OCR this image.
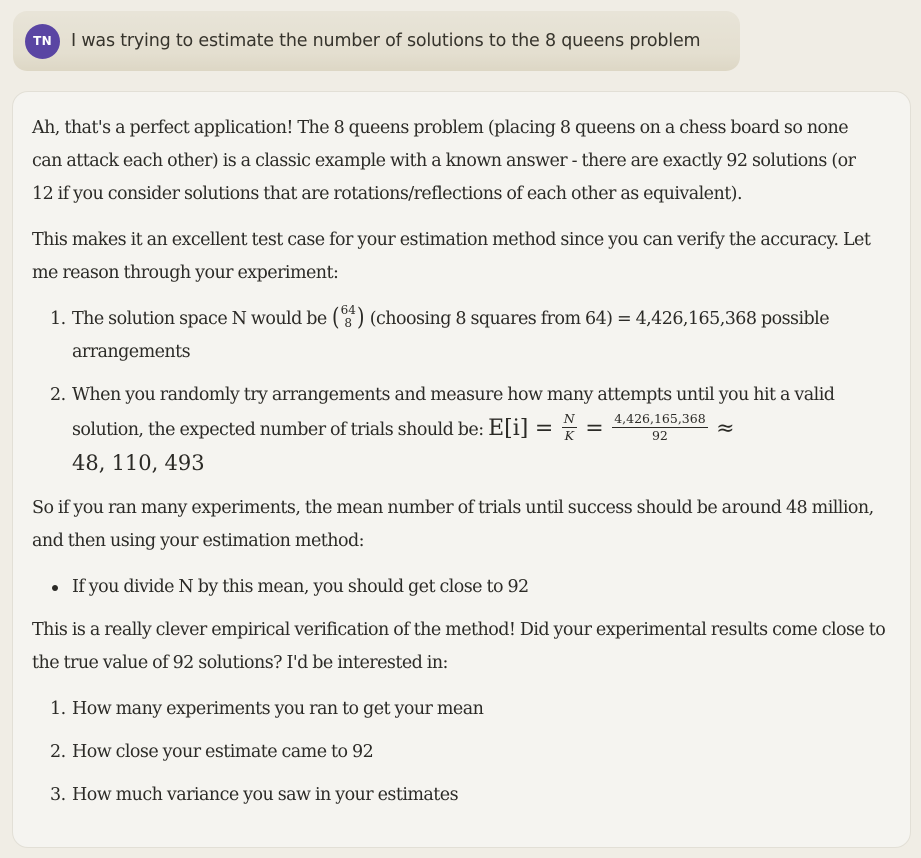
TN	I was trying to estimate the number of solutions to the 8 queens problem

Ah, that's a perfect application! The 8 queens problem (placing 8 queens on a chess board so none can attack each other) is a classic example with a known answer - there are exactly 92 solutions (or 12 if you consider solutions that are rotations/reflections of each other as equivalent).

This makes it an excellent test case for your estimation method since you can verify the accuracy. Let me reason through your experiment:

1. The solution space N would be ( 64
8 ) (choosing 8 squares from 64) = 4,426,165,368 possible arrangements
2. When you randomly try arrangements and measure how many attempts until you hit a valid solution, the expected number of trials should be: $E[i] = \frac{N}{K} = \frac{4,426,165,368}{92}$ ≈
48, 110, 493

So if you ran many experiments, the mean number of trials until success should be around 48 million, and then using your estimation method:

If you divide N by this mean, you should get close to 92

This is a really clever empirical verification of the method! Did your experimental results come close to the true value of 92 solutions? I'd be interested in:

1. How many experiments you ran to get your mean
2. How close your estimate came to 92
3. How much variance you saw in your estimates
